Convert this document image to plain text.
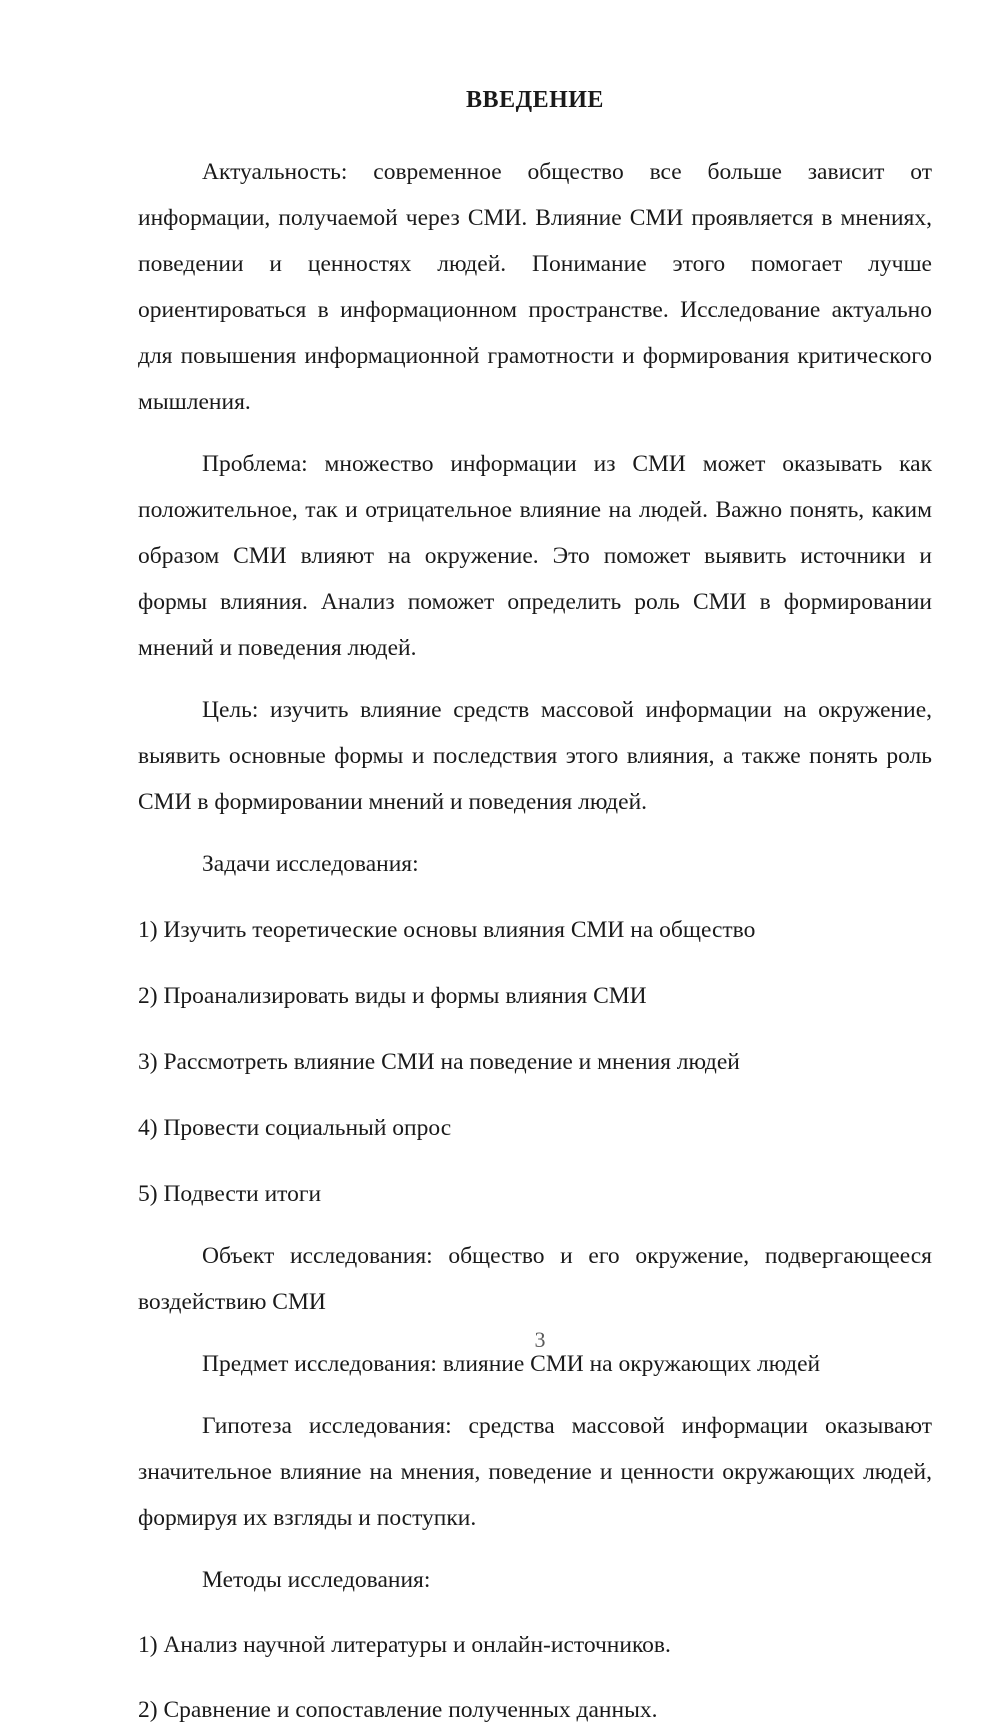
ВВЕДЕНИЕ

Актуальность: современное общество все больше зависит от информации, получаемой через СМИ. Влияние СМИ проявляется в мнениях, поведении и ценностях людей. Понимание этого помогает лучше ориентироваться в информационном пространстве. Исследование актуально для повышения информационной грамотности и формирования критического мышления.

Проблема: множество информации из СМИ может оказывать как положительное, так и отрицательное влияние на людей. Важно понять, каким образом СМИ влияют на окружение. Это поможет выявить источники и формы влияния. Анализ поможет определить роль СМИ в формировании мнений и поведения людей.

Цель: изучить влияние средств массовой информации на окружение, выявить основные формы и последствия этого влияния, а также понять роль СМИ в формировании мнений и поведения людей.

Задачи исследования:

1) Изучить теоретические основы влияния СМИ на общество
2) Проанализировать виды и формы влияния СМИ
3) Рассмотреть влияние СМИ на поведение и мнения людей
4) Провести социальный опрос
5) Подвести итоги

Объект исследования: общество и его окружение, подвергающееся воздействию СМИ

Предмет исследования: влияние СМИ на окружающих людей

Гипотеза исследования: средства массовой информации оказывают значительное влияние на мнения, поведение и ценности окружающих людей, формируя их взгляды и поступки.

Методы исследования:

1) Анализ научной литературы и онлайн-источников.
2) Сравнение и сопоставление полученных данных.
3
